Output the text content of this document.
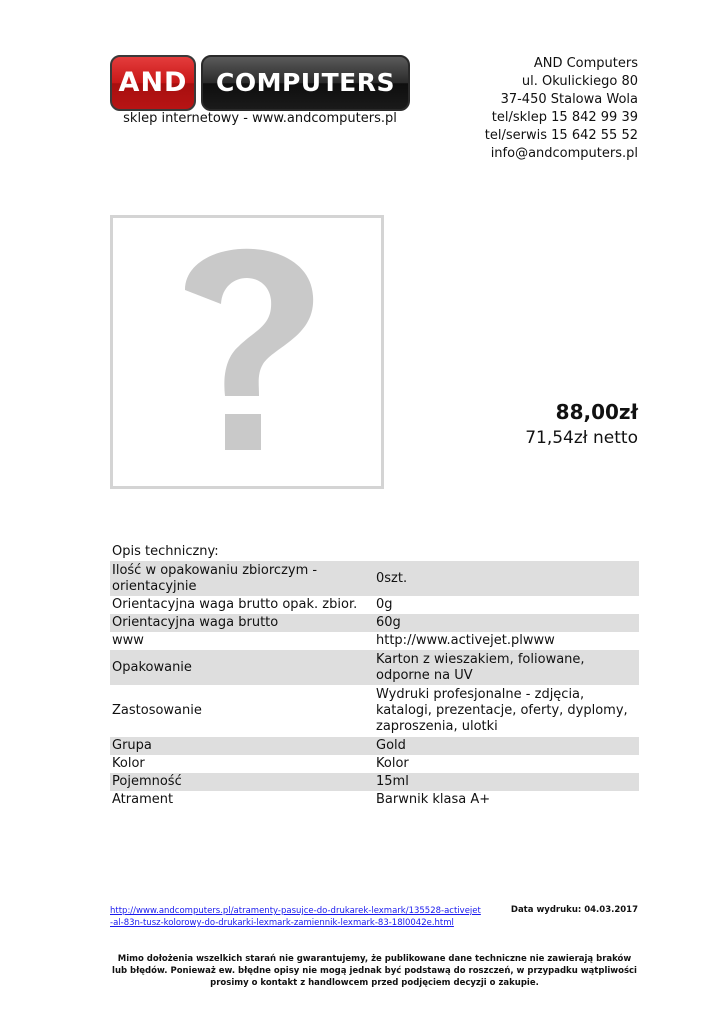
AND	COMPUTERS
sklep internetowy - www.andcomputers.pl
AND Computers
ul. Okulickiego 80
37-450 Stalowa Wola
tel/sklep 15 842 99 39
tel/serwis 15 642 55 52
info@andcomputers.pl
88,00zł
71,54zł netto
Opis techniczny:
Ilość w opakowaniu zbiorczym - orientacyjnie	0szt.
Orientacyjna waga brutto opak. zbior.	0g
Orientacyjna waga brutto	60g
www	http://www.activejet.plwww
Opakowanie	Karton z wieszakiem, foliowane, odporne na UV
Zastosowanie	Wydruki profesjonalne - zdjęcia, katalogi, prezentacje, oferty, dyplomy, zaproszenia, ulotki
Grupa	Gold
Kolor	Kolor
Pojemność	15ml
Atrament	Barwnik klasa A+
http://www.andcomputers.pl/atramenty-pasujce-do-drukarek-lexmark/135528-activejet-al-83n-tusz-kolorowy-do-drukarki-lexmark-zamiennik-lexmark-83-18l0042e.html
Data wydruku: 04.03.2017
Mimo dołożenia wszelkich starań nie gwarantujemy, że publikowane dane techniczne nie zawierają braków lub błędów. Ponieważ ew. błędne opisy nie mogą jednak być podstawą do roszczeń, w przypadku wątpliwości prosimy o kontakt z handlowcem przed podjęciem decyzji o zakupie.
